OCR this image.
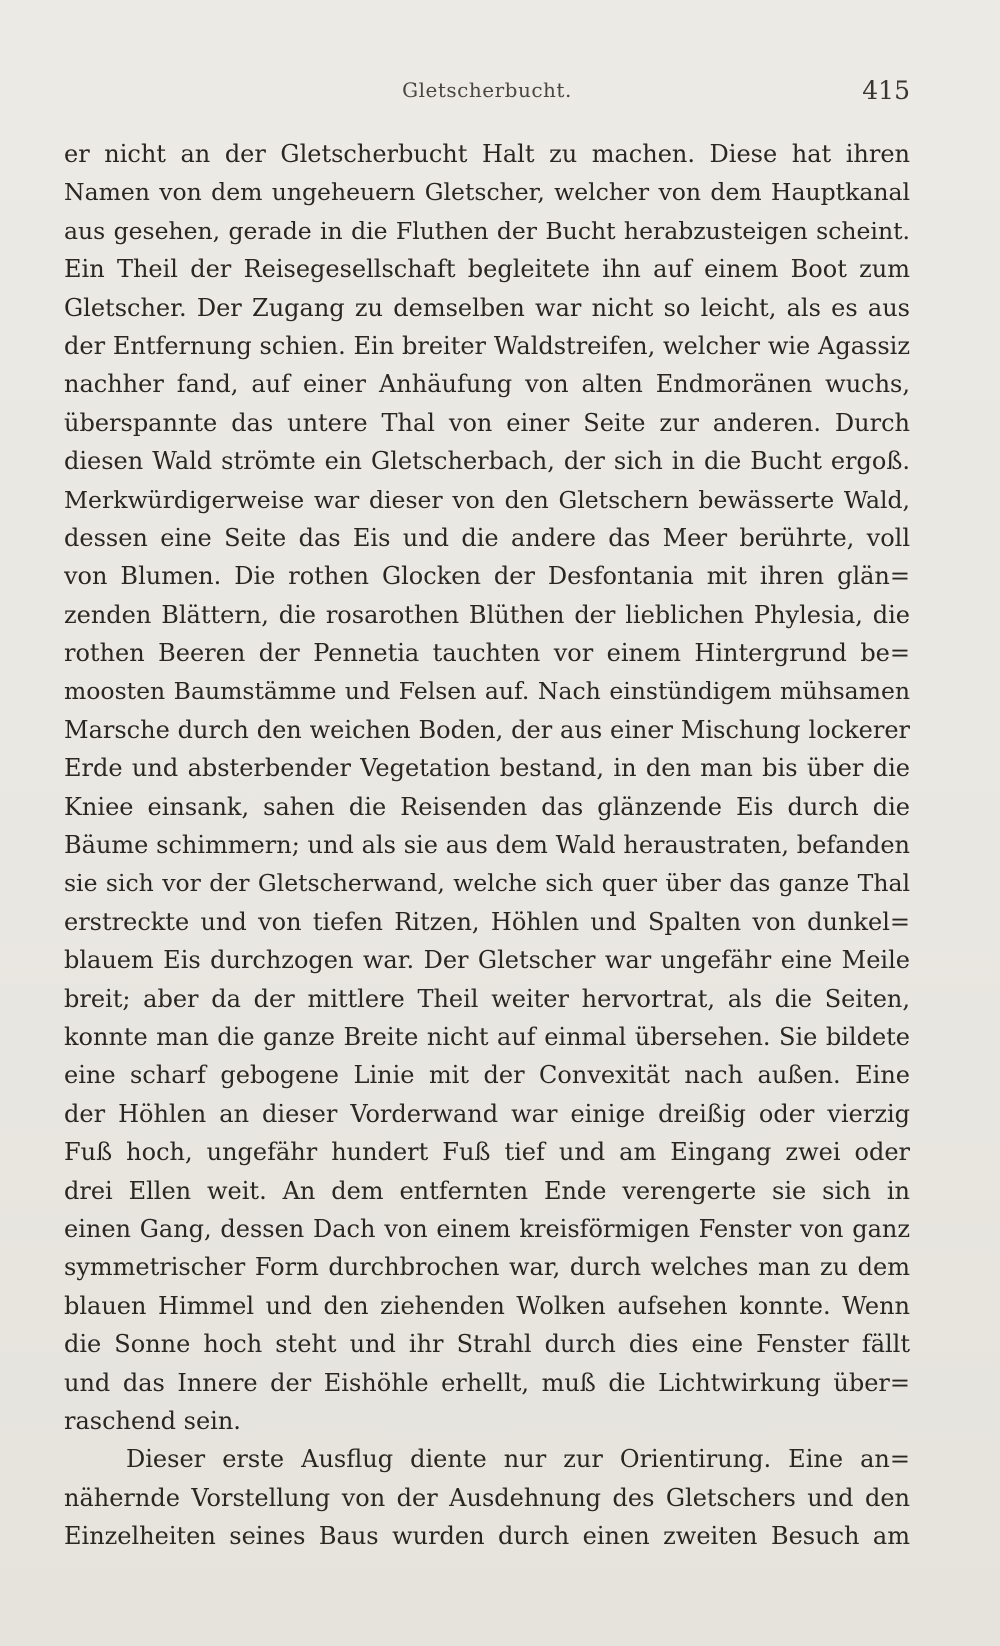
Gletscherbucht.	415
er nicht an der Gletscherbucht Halt zu machen. Diese hat ihren
Namen von dem ungeheuern Gletscher, welcher von dem Hauptkanal
aus gesehen, gerade in die Fluthen der Bucht herabzusteigen scheint.
Ein Theil der Reisegesellschaft begleitete ihn auf einem Boot zum
Gletscher. Der Zugang zu demselben war nicht so leicht, als es aus
der Entfernung schien. Ein breiter Waldstreifen, welcher wie Agassiz
nachher fand, auf einer Anhäufung von alten Endmoränen wuchs,
überspannte das untere Thal von einer Seite zur anderen. Durch
diesen Wald strömte ein Gletscherbach, der sich in die Bucht ergoß.
Merkwürdigerweise war dieser von den Gletschern bewässerte Wald,
dessen eine Seite das Eis und die andere das Meer berührte, voll
von Blumen. Die rothen Glocken der Desfontania mit ihren glän=
zenden Blättern, die rosarothen Blüthen der lieblichen Phylesia, die
rothen Beeren der Pennetia tauchten vor einem Hintergrund be=
moosten Baumstämme und Felsen auf. Nach einstündigem mühsamen
Marsche durch den weichen Boden, der aus einer Mischung lockerer
Erde und absterbender Vegetation bestand, in den man bis über die
Kniee einsank, sahen die Reisenden das glänzende Eis durch die
Bäume schimmern; und als sie aus dem Wald heraustraten, befanden
sie sich vor der Gletscherwand, welche sich quer über das ganze Thal
erstreckte und von tiefen Ritzen, Höhlen und Spalten von dunkel=
blauem Eis durchzogen war. Der Gletscher war ungefähr eine Meile
breit; aber da der mittlere Theil weiter hervortrat, als die Seiten,
konnte man die ganze Breite nicht auf einmal übersehen. Sie bildete
eine scharf gebogene Linie mit der Convexität nach außen. Eine
der Höhlen an dieser Vorderwand war einige dreißig oder vierzig
Fuß hoch, ungefähr hundert Fuß tief und am Eingang zwei oder
drei Ellen weit. An dem entfernten Ende verengerte sie sich in
einen Gang, dessen Dach von einem kreisförmigen Fenster von ganz
symmetrischer Form durchbrochen war, durch welches man zu dem
blauen Himmel und den ziehenden Wolken aufsehen konnte. Wenn
die Sonne hoch steht und ihr Strahl durch dies eine Fenster fällt
und das Innere der Eishöhle erhellt, muß die Lichtwirkung über=
raschend sein.
Dieser erste Ausflug diente nur zur Orientirung. Eine an=
nähernde Vorstellung von der Ausdehnung des Gletschers und den
Einzelheiten seines Baus wurden durch einen zweiten Besuch am
